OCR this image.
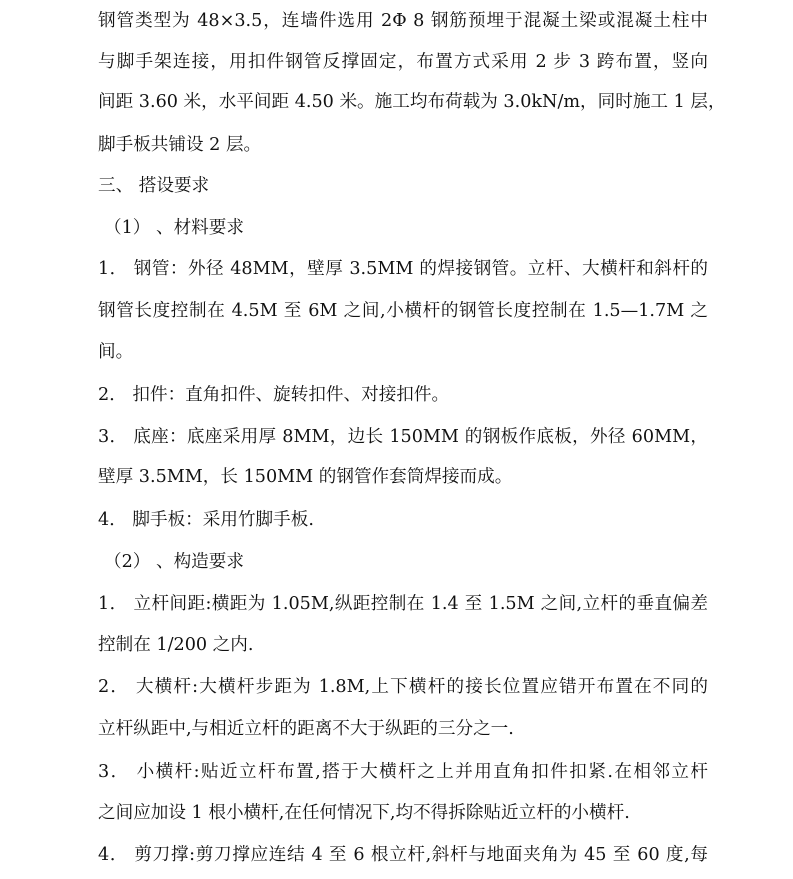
钢管类型为 48×3.5，连墙件选用 2Φ 8 钢筋预埋于混凝土梁或混凝土柱中
与脚手架连接，用扣件钢管反撑固定，布置方式采用 2 步 3 跨布置，竖向
间距 3.60 米，水平间距 4.50 米。施工均布荷载为 3.0kN/m，同时施工 1 层，
脚手板共铺设 2 层。
三、 搭设要求
（1） 、材料要求
1． 钢管：外径 48MM，壁厚 3.5MM 的焊接钢管。立杆、大横杆和斜杆的
钢管长度控制在 4.5M 至 6M 之间,小横杆的钢管长度控制在 1.5—1.7M 之
间。
2． 扣件：直角扣件、旋转扣件、对接扣件。
3． 底座：底座采用厚 8MM，边长 150MM 的钢板作底板，外径 60MM，
壁厚 3.5MM，长 150MM 的钢管作套筒焊接而成。
4． 脚手板：采用竹脚手板.
（2） 、构造要求
1． 立杆间距:横距为 1.05M,纵距控制在 1.4 至 1.5M 之间,立杆的垂直偏差
控制在 1/200 之内.
2． 大横杆:大横杆步距为 1.8M,上下横杆的接长位置应错开布置在不同的
立杆纵距中,与相近立杆的距离不大于纵距的三分之一.
3． 小横杆:贴近立杆布置,搭于大横杆之上并用直角扣件扣紧.在相邻立杆
之间应加设 1 根小横杆,在任何情况下,均不得拆除贴近立杆的小横杆.
4． 剪刀撑:剪刀撑应连结 4 至 6 根立杆,斜杆与地面夹角为 45 至 60 度,每
